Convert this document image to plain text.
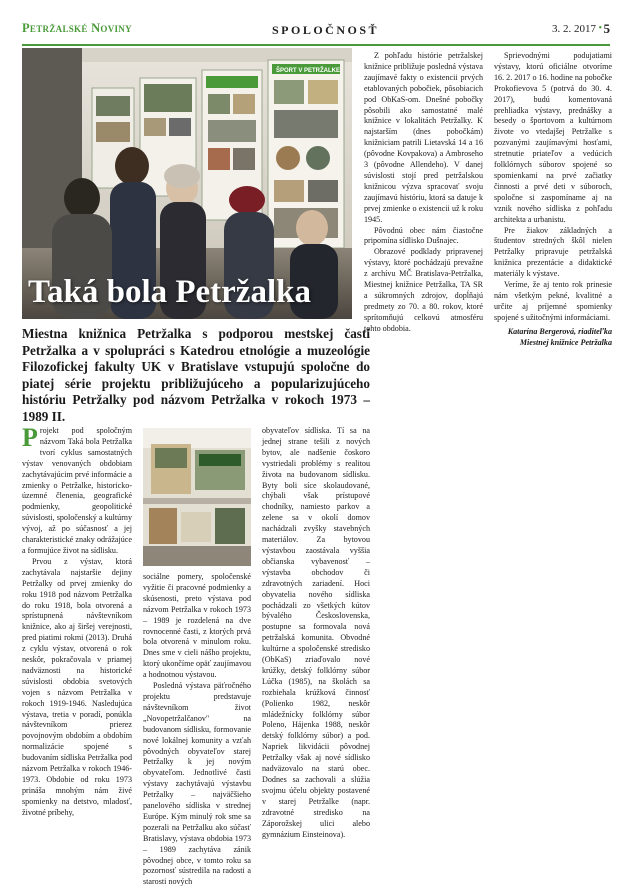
Petržalské Noviny	SPOLOČNOSŤ	3. 2. 2017 • 5
ŠPORT V PETRŽALKE
Taká bola Petržalka

Z pohľadu histórie petržalskej knižnice približuje posledná výstava zaujímavé fakty o existencii prvých etablovaných pobočiek, pôsobiacich pod ObKaS-om. Dnešné pobočky pôsobili ako samostatné malé knižnice v lokalitách Petržalky. K najstarším (dnes pobočkám) knižniciam patrili Lietavská 14 a 16 (pôvodne Kovpakova) a Ambroseho 3 (pôvodne Allendeho). V danej súvislosti stojí pred petržalskou knižnicou výzva spracovať svoju zaujímavú históriu, ktorá sa datuje k prvej zmienke o existencii už k roku 1945.

Pôvodnú obec nám čiastočne pripomína sídlisko Dušnajec.

Obrazové podklady pripravenej výstavy, ktoré pochádzajú prevažne z archívu MČ Bratislava-Petržalka, Miestnej knižnice Petržalka, TA SR a súkromných zdrojov, dopĺňajú predmety zo 70. a 80. rokov, ktoré sprítomňujú celkovú atmosféru tohto obdobia.

Sprievodnými podujatiami výstavy, ktorú oficiálne otvoríme 16. 2. 2017 o 16. hodine na pobočke Prokofievova 5 (potrvá do 30. 4. 2017), budú komentovaná prehliadka výstavy, prednášky a besedy o športovom a kultúrnom živote vo vtedajšej Petržalke s pozvanými zaujímavými hosťami, stretnutie priateľov a vedúcich folklórnych súborov spojené so spomienkami na prvé začiatky činnosti a prvé deti v súboroch, spoločne si zaspomíname aj na vznik nového sídliska z pohľadu architekta a urbanistu.

Pre žiakov základných a študentov stredných škôl nielen Petržalky pripravuje petržalská knižnica prezentácie a didaktické materiály k výstave.

Veríme, že aj tento rok prinesie nám všetkým pekné, kvalitné a určite aj príjemné spomienky spojené s užitočnými informáciami.

Katarína Bergerová, riaditeľka Miestnej knižnice Petržalka
Miestna knižnica Petržalka s podporou mestskej časti Petržalka a v spolupráci s Katedrou etnológie a muzeológie Filozofickej fakulty UK v Bratislave vstupujú spoločne do piatej série projektu približujúceho a popularizujúceho históriu Petržalky pod názvom Petržalka v rokoch 1973 – 1989 II.

Projekt pod spoločným názvom Taká bola Petržalka tvorí cyklus samostatných výstav venovaných obdobiam zachytávajúcim prvé informácie a zmienky o Petržalke, historicko-územné členenia, geografické podmienky, geopolitické súvislosti, spoločenský a kultúrny vývoj, až po súčasnosť a jej charakteristické znaky odrážajúce a formujúce život na sídlisku.

Prvou z výstav, ktorá zachytávala najstaršie dejiny Petržalky od prvej zmienky do roku 1918 pod názvom Petržalka do roku 1918, bola otvorená a sprístupnená návštevníkom knižnice, ako aj širšej verejnosti, pred piatimi rokmi (2013). Druhá z cyklu výstav, otvorená o rok neskôr, pokračovala v priamej nadväznosti na historické súvislosti obdobia svetových vojen s názvom Petržalka v rokoch 1919-1946. Nasledujúca výstava, tretia v poradí, ponúkla návštevníkom prierez povojnovým obdobím a obdobím normalizácie spojené s budovaním sídliska Petržalka pod názvom Petržalka v rokoch 1946-1973. Obdobie od roku 1973 prináša mnohým nám živé spomienky na detstvo, mladosť, životné príbehy,

sociálne pomery, spoločenské vyžitie či pracovné podmienky a skúsenosti, preto výstava pod názvom Petržalka v rokoch 1973 – 1989 je rozdelená na dve rovnocenné časti, z ktorých prvá bola otvorená v minulom roku. Dnes sme v cieli nášho projektu, ktorý ukončíme opäť zaujímavou a hodnotnou výstavou.

Posledná výstava päťročného projektu predstavuje návštevníkom život „Novopetržalčanov" na budovanom sídlisku, formovanie nové lokálnej komunity a vzťah pôvodných obyvateľov starej Petržalky k jej novým obyvateľom. Jednotlivé časti výstavy zachytávajú výstavbu Petržalky – najväčšieho panelového sídliska v strednej Európe. Kým minulý rok sme sa pozerali na Petržalku ako súčasť Bratislavy, výstava obdobia 1973 – 1989 zachytáva zánik pôvodnej obce, v tomto roku sa pozornosť sústredila na radosti a starosti nových

obyvateľov sídliska. Tí sa na jednej strane tešili z nových bytov, ale nadšenie čoskoro vystriedali problémy s realitou života na budovanom sídlisku. Byty boli síce skolaudované, chýbali však prístupové chodníky, namiesto parkov a zelene sa v okolí domov nachádzali zvyšky stavebných materiálov. Za bytovou výstavbou zaostávala vyššia občianska vybavenosť – výstavba obchodov či zdravotných zariadení. Hoci obyvatelia nového sídliska pochádzali zo všetkých kútov bývalého Československa, postupne sa formovala nová petržalská komunita. Obvodné kultúrne a spoločenské stredisko (ObKaS) zriaďovalo nové krúžky, detský folklórny súbor Lúčka (1985), na školách sa rozbiehala krúžková činnosť (Polienko 1982, neskôr mládežnícky folklórny súbor Poleno, Hájenka 1988, neskôr detský folklórny súbor) a pod. Napriek likvidácii pôvodnej Petržalky však aj nové sídlisko nadväzovalo na starú obec. Dodnes sa zachovali a slúžia svojmu účelu objekty postavené v starej Petržalke (napr. zdravotné stredisko na Záporožskej ulici alebo gymnázium Einsteinova).
